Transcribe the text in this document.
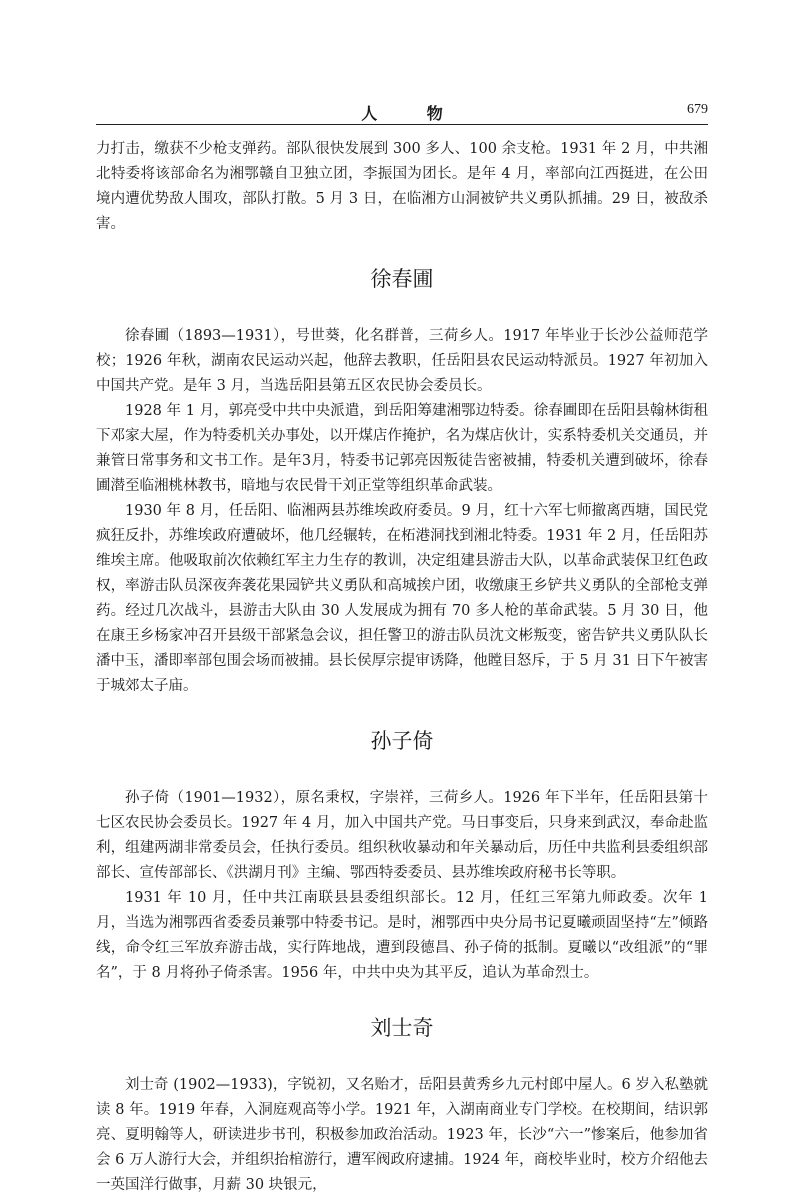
人 物	679

力打击，缴获不少枪支弹药。部队很快发展到 300 多人、100 余支枪。1931 年 2 月，中共湘北特委将该部命名为湘鄂赣自卫独立团，李振国为团长。是年 4 月，率部向江西挺进，在公田境内遭优势敌人围攻，部队打散。5 月 3 日，在临湘方山洞被铲共义勇队抓捕。29 日，被敌杀害。

徐春圃

徐春圃（1893—1931），号世葵，化名群普，三荷乡人。1917 年毕业于长沙公益师范学校；1926 年秋，湖南农民运动兴起，他辞去教职，任岳阳县农民运动特派员。1927 年初加入中国共产党。是年 3 月，当选岳阳县第五区农民协会委员长。

1928 年 1 月，郭亮受中共中央派遣，到岳阳筹建湘鄂边特委。徐春圃即在岳阳县翰林街租下邓家大屋，作为特委机关办事处，以开煤店作掩护，名为煤店伙计，实系特委机关交通员，并兼管日常事务和文书工作。是年3月，特委书记郭亮因叛徒告密被捕，特委机关遭到破坏，徐春圃潜至临湘桃林教书，暗地与农民骨干刘正堂等组织革命武装。

1930 年 8 月，任岳阳、临湘两县苏维埃政府委员。9 月，红十六军七师撤离西塘，国民党疯狂反扑，苏维埃政府遭破坏，他几经辗转，在柘港洞找到湘北特委。1931 年 2 月，任岳阳苏维埃主席。他吸取前次依赖红军主力生存的教训，决定组建县游击大队，以革命武装保卫红色政权，率游击队员深夜奔袭花果园铲共义勇队和高城挨户团，收缴康王乡铲共义勇队的全部枪支弹药。经过几次战斗，县游击大队由 30 人发展成为拥有 70 多人枪的革命武装。5 月 30 日，他在康王乡杨家冲召开县级干部紧急会议，担任警卫的游击队员沈文彬叛变，密告铲共义勇队队长潘中玉，潘即率部包围会场而被捕。县长侯厚宗提审诱降，他瞠目怒斥，于 5 月 31 日下午被害于城郊太子庙。

孙子倚

孙子倚（1901—1932），原名秉权，字崇祥，三荷乡人。1926 年下半年，任岳阳县第十七区农民协会委员长。1927 年 4 月，加入中国共产党。马日事变后，只身来到武汉，奉命赴监利，组建两湖非常委员会，任执行委员。组织秋收暴动和年关暴动后，历任中共监利县委组织部部长、宣传部部长、《洪湖月刊》主编、鄂西特委委员、县苏维埃政府秘书长等职。

1931 年 10 月，任中共江南联县县委组织部长。12 月，任红三军第九师政委。次年 1 月，当选为湘鄂西省委委员兼鄂中特委书记。是时，湘鄂西中央分局书记夏曦顽固坚持“左”倾路线，命令红三军放弃游击战，实行阵地战，遭到段德昌、孙子倚的抵制。夏曦以“改组派”的“罪名”，于 8 月将孙子倚杀害。1956 年，中共中央为其平反，追认为革命烈士。

刘士奇

刘士奇 (1902—1933)，字锐初，又名贻才，岳阳县黄秀乡九元村郎中屋人。6 岁入私塾就读 8 年。1919 年春，入洞庭观高等小学。1921 年，入湖南商业专门学校。在校期间，结识郭亮、夏明翰等人，研读进步书刊，积极参加政治活动。1923 年，长沙“六一”惨案后，他参加省会 6 万人游行大会，并组织抬棺游行，遭军阀政府逮捕。1924 年，商校毕业时，校方介绍他去一英国洋行做事，月薪 30 块银元，
